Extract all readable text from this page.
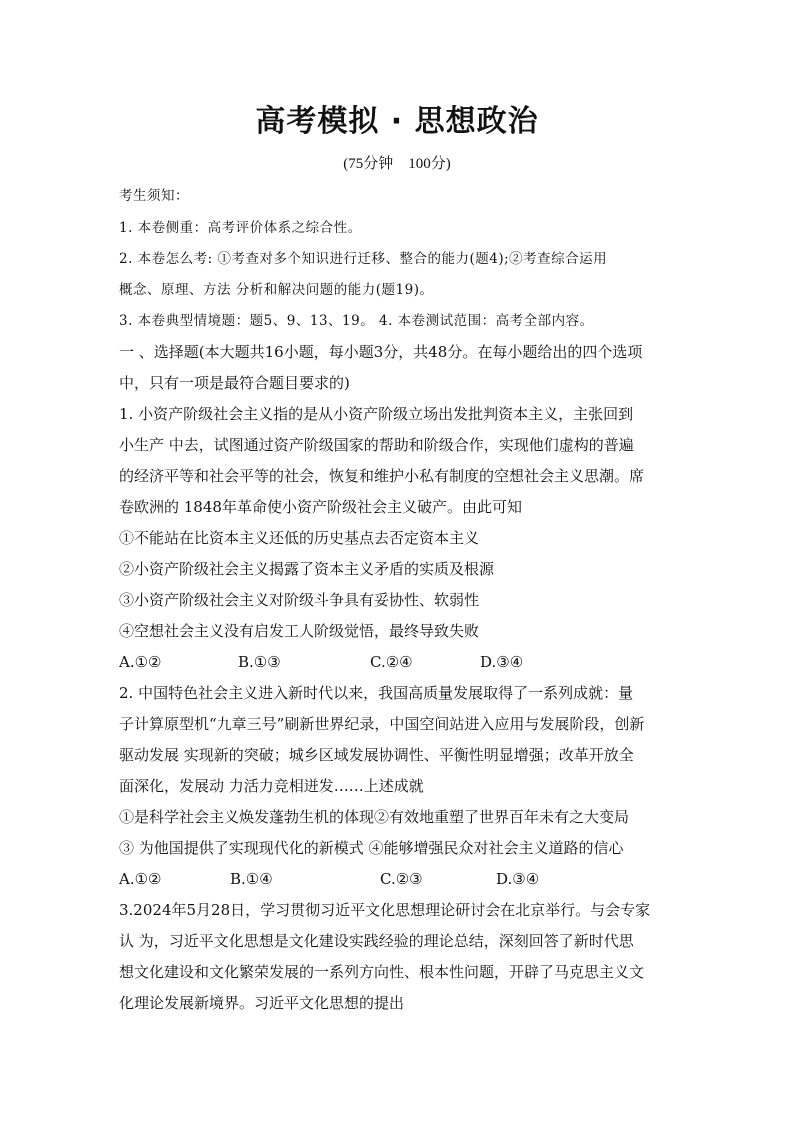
高考模拟 · 思想政治
(75分钟　100分)
考生须知：
1. 本卷侧重：高考评价体系之综合性。
2. 本卷怎么考: ①考查对多个知识进行迁移、整合的能力(题4);②考查综合运用
概念、原理、方法 分析和解决问题的能力(题19)。
3. 本卷典型情境题：题5、9、13、19。 4. 本卷测试范围：高考全部内容。
一 、选择题(本大题共16小题，每小题3分，共48分。在每小题给出的四个选项
中，只有一项是最符合题目要求的)
1. 小资产阶级社会主义指的是从小资产阶级立场出发批判资本主义，主张回到
小生产 中去，试图通过资产阶级国家的帮助和阶级合作，实现他们虚构的普遍
的经济平等和社会平等的社会，恢复和维护小私有制度的空想社会主义思潮。席
卷欧洲的 1848年革命使小资产阶级社会主义破产。由此可知
①不能站在比资本主义还低的历史基点去否定资本主义
②小资产阶级社会主义揭露了资本主义矛盾的实质及根源
③小资产阶级社会主义对阶级斗争具有妥协性、软弱性
④空想社会主义没有启发工人阶级觉悟，最终导致失败
A.①②	B.①③	C.②④	D.③④
2. 中国特色社会主义进入新时代以来，我国高质量发展取得了一系列成就：量
子计算原型机“九章三号”刷新世界纪录，中国空间站进入应用与发展阶段，创新
驱动发展 实现新的突破；城乡区域发展协调性、平衡性明显增强；改革开放全
面深化，发展动 力活力竞相迸发……上述成就
①是科学社会主义焕发蓬勃生机的体现②有效地重塑了世界百年未有之大变局
③ 为他国提供了实现现代化的新模式 ④能够增强民众对社会主义道路的信心
A.①②	B.①④	C.②③	D.③④
3.2024年5月28日，学习贯彻习近平文化思想理论研讨会在北京举行。与会专家
认 为，习近平文化思想是文化建设实践经验的理论总结，深刻回答了新时代思
想文化建设和文化繁荣发展的一系列方向性、根本性问题，开辟了马克思主义文
化理论发展新境界。习近平文化思想的提出
